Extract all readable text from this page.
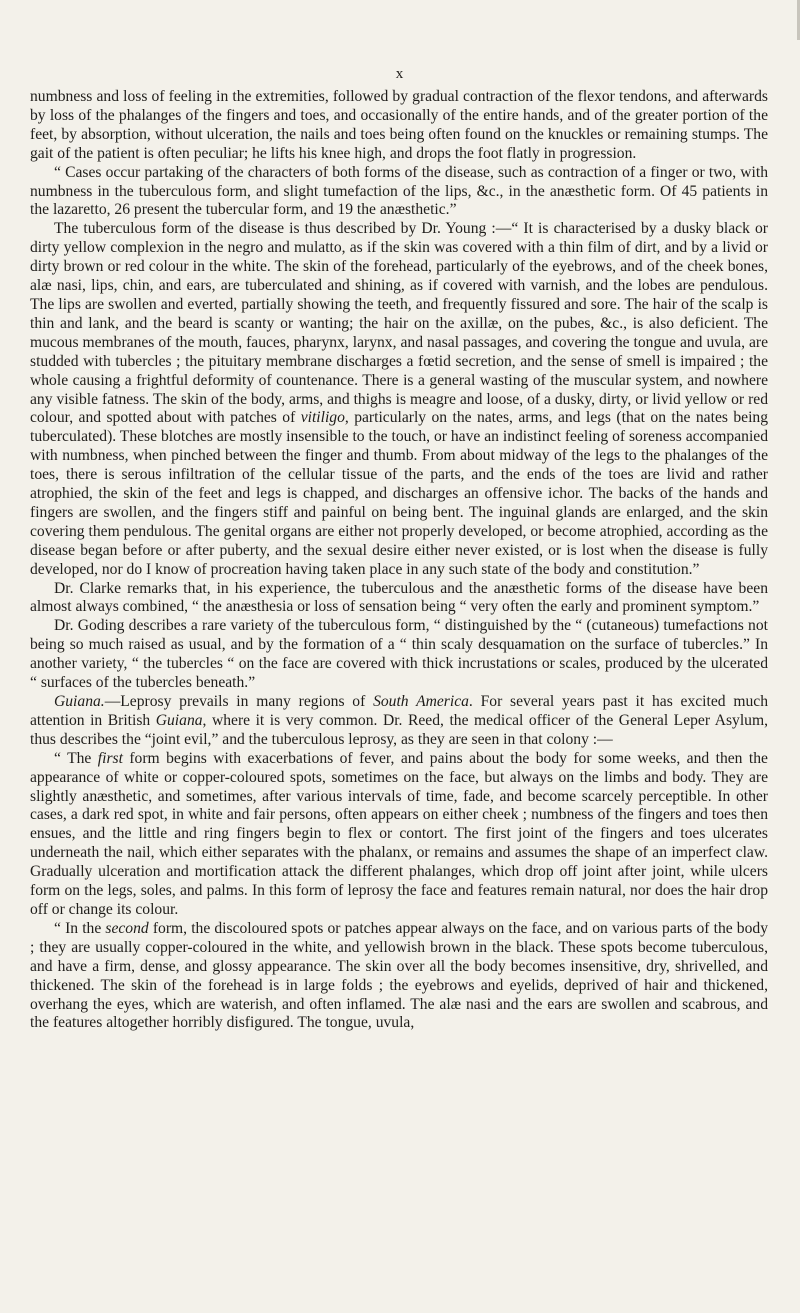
x

numbness and loss of feeling in the extremities, followed by gradual contraction of the flexor tendons, and afterwards by loss of the phalanges of the fingers and toes, and occasionally of the entire hands, and of the greater portion of the feet, by absorption, without ulceration, the nails and toes being often found on the knuckles or remaining stumps. The gait of the patient is often peculiar; he lifts his knee high, and drops the foot flatly in progression.

“ Cases occur partaking of the characters of both forms of the disease, such as contraction of a finger or two, with numbness in the tuberculous form, and slight tumefaction of the lips, &c., in the anæsthetic form. Of 45 patients in the lazaretto, 26 present the tubercular form, and 19 the anæsthetic.”

The tuberculous form of the disease is thus described by Dr. Young :—“ It is characterised by a dusky black or dirty yellow complexion in the negro and mulatto, as if the skin was covered with a thin film of dirt, and by a livid or dirty brown or red colour in the white. The skin of the forehead, particularly of the eyebrows, and of the cheek bones, alæ nasi, lips, chin, and ears, are tuberculated and shining, as if covered with varnish, and the lobes are pendulous. The lips are swollen and everted, partially showing the teeth, and frequently fissured and sore. The hair of the scalp is thin and lank, and the beard is scanty or wanting; the hair on the axillæ, on the pubes, &c., is also deficient. The mucous membranes of the mouth, fauces, pharynx, larynx, and nasal passages, and covering the tongue and uvula, are studded with tubercles ; the pituitary membrane discharges a fœtid secretion, and the sense of smell is impaired ; the whole causing a frightful deformity of countenance. There is a general wasting of the muscular system, and nowhere any visible fatness. The skin of the body, arms, and thighs is meagre and loose, of a dusky, dirty, or livid yellow or red colour, and spotted about with patches of vitiligo, particularly on the nates, arms, and legs (that on the nates being tuberculated). These blotches are mostly insensible to the touch, or have an indistinct feeling of soreness accompanied with numbness, when pinched between the finger and thumb. From about midway of the legs to the phalanges of the toes, there is serous infiltration of the cellular tissue of the parts, and the ends of the toes are livid and rather atrophied, the skin of the feet and legs is chapped, and discharges an offensive ichor. The backs of the hands and fingers are swollen, and the fingers stiff and painful on being bent. The inguinal glands are enlarged, and the skin covering them pendulous. The genital organs are either not properly developed, or become atrophied, according as the disease began before or after puberty, and the sexual desire either never existed, or is lost when the disease is fully developed, nor do I know of procreation having taken place in any such state of the body and constitution.”

Dr. Clarke remarks that, in his experience, the tuberculous and the anæsthetic forms of the disease have been almost always combined, “ the anæsthesia or loss of sensation being “ very often the early and prominent symptom.”

Dr. Goding describes a rare variety of the tuberculous form, “ distinguished by the “ (cutaneous) tumefactions not being so much raised as usual, and by the formation of a “ thin scaly desquamation on the surface of tubercles.” In another variety, “ the tubercles “ on the face are covered with thick incrustations or scales, produced by the ulcerated “ surfaces of the tubercles beneath.”

Guiana.—Leprosy prevails in many regions of South America. For several years past it has excited much attention in British Guiana, where it is very common. Dr. Reed, the medical officer of the General Leper Asylum, thus describes the “joint evil,” and the tuberculous leprosy, as they are seen in that colony :—

“ The first form begins with exacerbations of fever, and pains about the body for some weeks, and then the appearance of white or copper-coloured spots, sometimes on the face, but always on the limbs and body. They are slightly anæsthetic, and sometimes, after various intervals of time, fade, and become scarcely perceptible. In other cases, a dark red spot, in white and fair persons, often appears on either cheek ; numbness of the fingers and toes then ensues, and the little and ring fingers begin to flex or contort. The first joint of the fingers and toes ulcerates underneath the nail, which either separates with the phalanx, or remains and assumes the shape of an imperfect claw. Gradually ulceration and mortification attack the different phalanges, which drop off joint after joint, while ulcers form on the legs, soles, and palms. In this form of leprosy the face and features remain natural, nor does the hair drop off or change its colour.

“ In the second form, the discoloured spots or patches appear always on the face, and on various parts of the body ; they are usually copper-coloured in the white, and yellowish brown in the black. These spots become tuberculous, and have a firm, dense, and glossy appearance. The skin over all the body becomes insensitive, dry, shrivelled, and thickened. The skin of the forehead is in large folds ; the eyebrows and eyelids, deprived of hair and thickened, overhang the eyes, which are waterish, and often inflamed. The alæ nasi and the ears are swollen and scabrous, and the features altogether horribly disfigured. The tongue, uvula,
